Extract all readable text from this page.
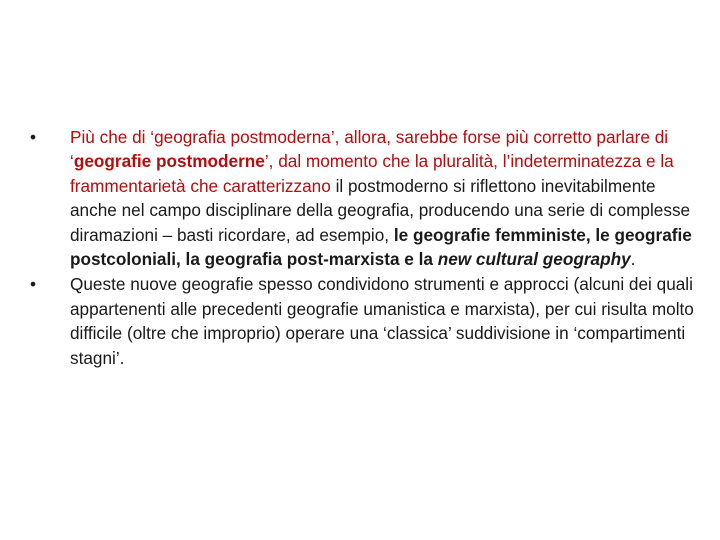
• Più che di ‘geografia postmoderna’, allora, sarebbe forse più corretto parlare di ‘geografie postmoderne’, dal momento che la pluralità, l’indeterminatezza e la frammentarietà che caratterizzano il postmoderno si riflettono inevitabilmente anche nel campo disciplinare della geografia, producendo una serie di complesse diramazioni – basti ricordare, ad esempio, le geografie femministe, le geografie postcoloniali, la geografia post-marxista e la new cultural geography.
• Queste nuove geografie spesso condividono strumenti e approcci (alcuni dei quali appartenenti alle precedenti geografie umanistica e marxista), per cui risulta molto difficile (oltre che improprio) operare una ‘classica’ suddivisione in ‘compartimenti stagni’.
